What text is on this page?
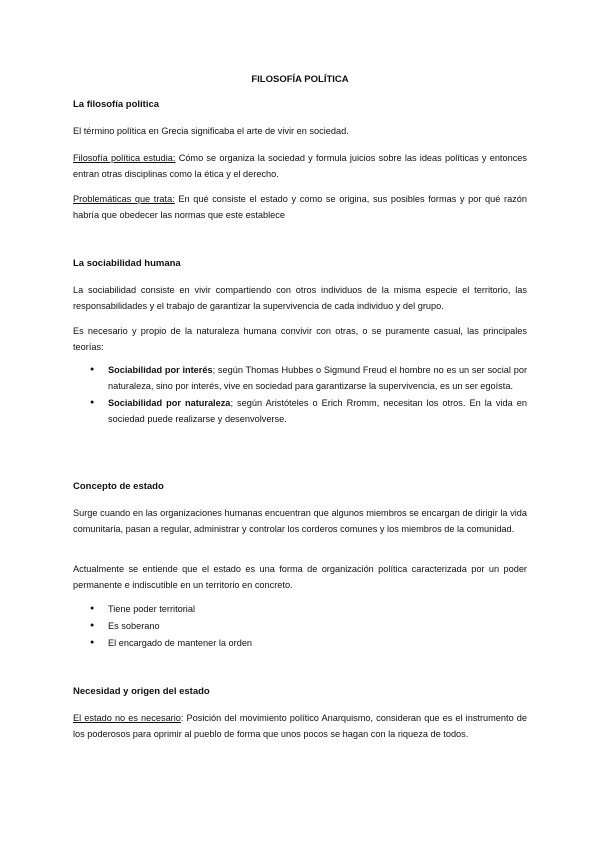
FILOSOFÍA POLÍTICA
La filosofía política
El término política en Grecia significaba el arte de vivir en sociedad.
Filosofía política estudia: Cómo se organiza la sociedad y formula juicios sobre las ideas políticas y entonces entran otras disciplinas como la ética y el derecho.
Problemáticas que trata: En qué consiste el estado y como se origina, sus posibles formas y por qué razón habría que obedecer las normas que este establece
La sociabilidad humana
La sociabilidad consiste en vivir compartiendo con otros individuos de la misma especie el territorio, las responsabilidades y el trabajo de garantizar la supervivencia de cada individuo y del grupo.
Es necesario y propio de la naturaleza humana convivir con otras, o se puramente casual, las principales teorías:
● Sociabilidad por interés; según Thomas Hubbes o Sigmund Freud el hombre no es un ser social por naturaleza, sino por interés, vive en sociedad para garantizarse la supervivencia, es un ser egoísta.
● Sociabilidad por naturaleza; según Aristóteles o Erich Rromm, necesitan los otros. En la vida en sociedad puede realizarse y desenvolverse.
Concepto de estado
Surge cuando en las organizaciones humanas encuentran que algunos miembros se encargan de dirigir la vida comunitaria, pasan a regular, administrar y controlar los corderos comunes y los miembros de la comunidad.
Actualmente se entiende que el estado es una forma de organización política caracterizada por un poder permanente e indiscutible en un territorio en concreto.
● Tiene poder territorial
● Es soberano
● El encargado de mantener la orden
Necesidad y origen del estado
El estado no es necesario: Posición del movimiento político Anarquismo, consideran que es el instrumento de los poderosos para oprimir al pueblo de forma que unos pocos se hagan con la riqueza de todos.
